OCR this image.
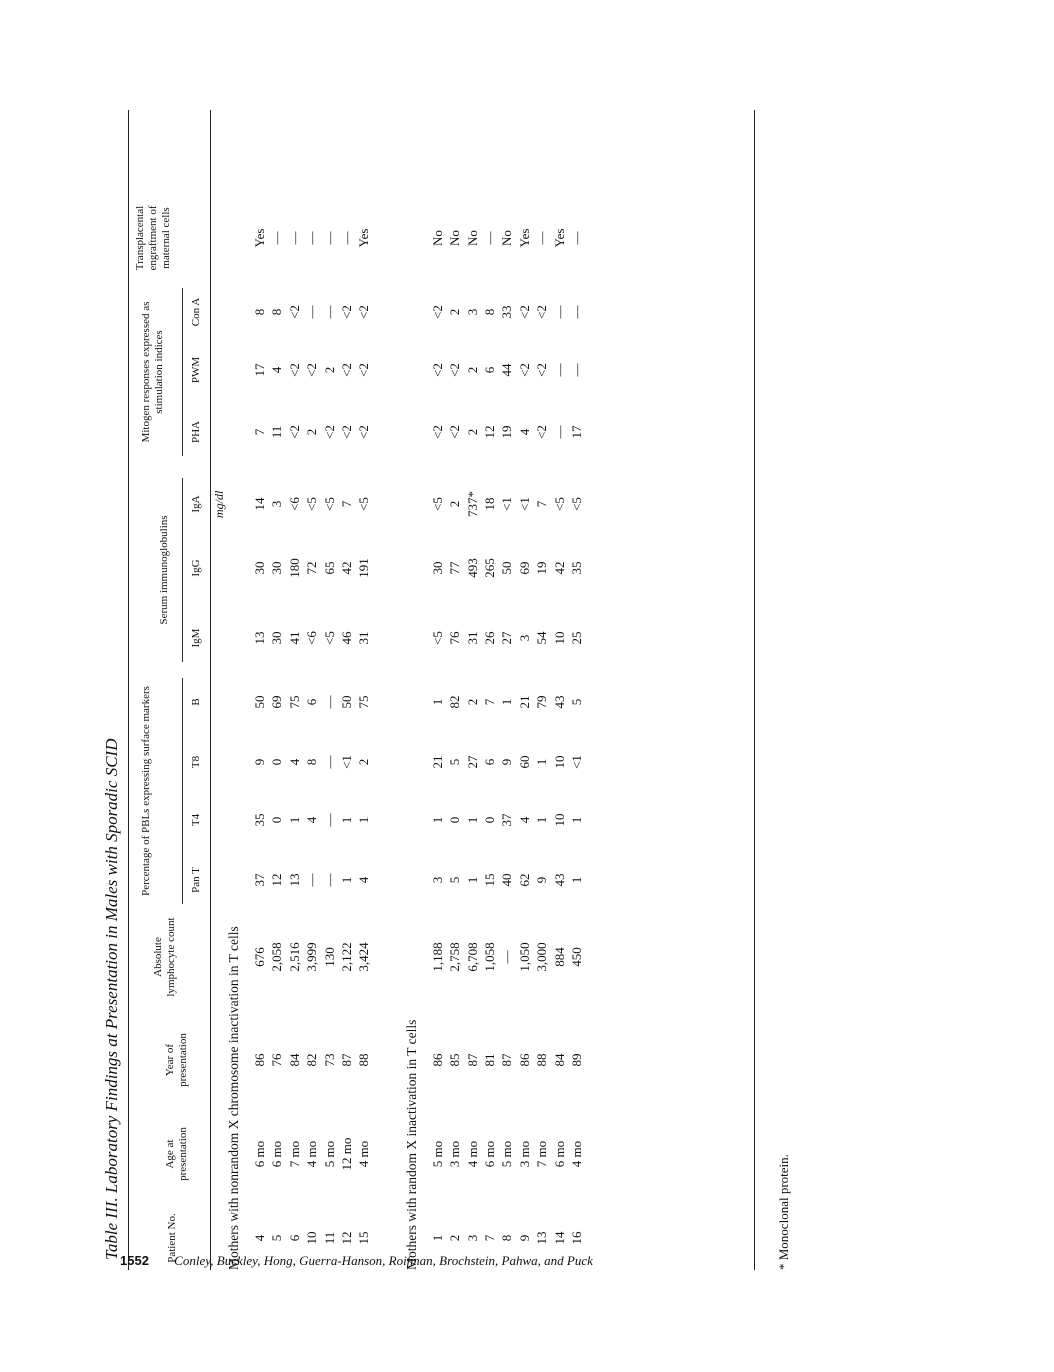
Table III. Laboratory Findings at Presentation in Males with Sporadic SCID	Patient No.
Age at presentation
Year of presentation
Absolute lymphocyte count
Pan T
T4
T8
B
IgM
IgG
IgA
PHA
PWM
Con A
Transplacental engraftment of maternal cells
Percentage of PBLs expressing surface markers
Serum immunoglobulins
Mitogen responses expressed as stimulation indices
Mothers with nonrandom X chromosome inactivation in T cells 4
6 mo
86
676
37
35
9
50
13
30
14
7
17
8
Yes
5
6 mo
76
2,058
12
0
0
69
30
30
3
11
4
8
—
6
7 mo
84
2,516
13
1
4
75
41
180
<6
<2
<2
<2
—
10
4 mo
82
3,999
—
4
8
6
<6
72
<5
2
<2
—
—
11
5 mo
73
130
—
—
—
—
<5
65
<5
<2
2
—
—
12
12 mo
87
2,122
1
1
<1
50
46
42
7
<2
<2
<2
—
15
4 mo
88
3,424
4
1
2
75
31
191
<5
<2
<2
<2
Yes
Mothers with random X inactivation in T cells 1
5 mo
86
1,188
3
1
21
1
<5
30
<5
<2
<2
<2
No
2
3 mo
85
2,758
5
0
5
82
76
77
2
<2
<2
2
No
3
4 mo
87
6,708
1
1
27
2
31
493
737*
2
2
3
No
7
6 mo
81
1,058
15
0
6
7
26
265
18
12
6
8
—
8
5 mo
87
—
40
37
9
1
27
50
<1
19
44
33
No
9
3 mo
86
1,050
62
4
60
21
3
69
<1
4
<2
<2
Yes
13
7 mo
88
3,000
9
1
1
79
54
19
7
<2
<2
<2
—
14
6 mo
84
884
43
10
10
43
10
42
<5
—
—
—
Yes
16
4 mo
89
450
1
1
<1
5
25
35
<5
17
—
—
—
mg/dl
* Monoclonal protein.
1552 Conley, Buckley, Hong, Guerra-Hanson, Roifman, Brochstein, Pahwa, and Puck
